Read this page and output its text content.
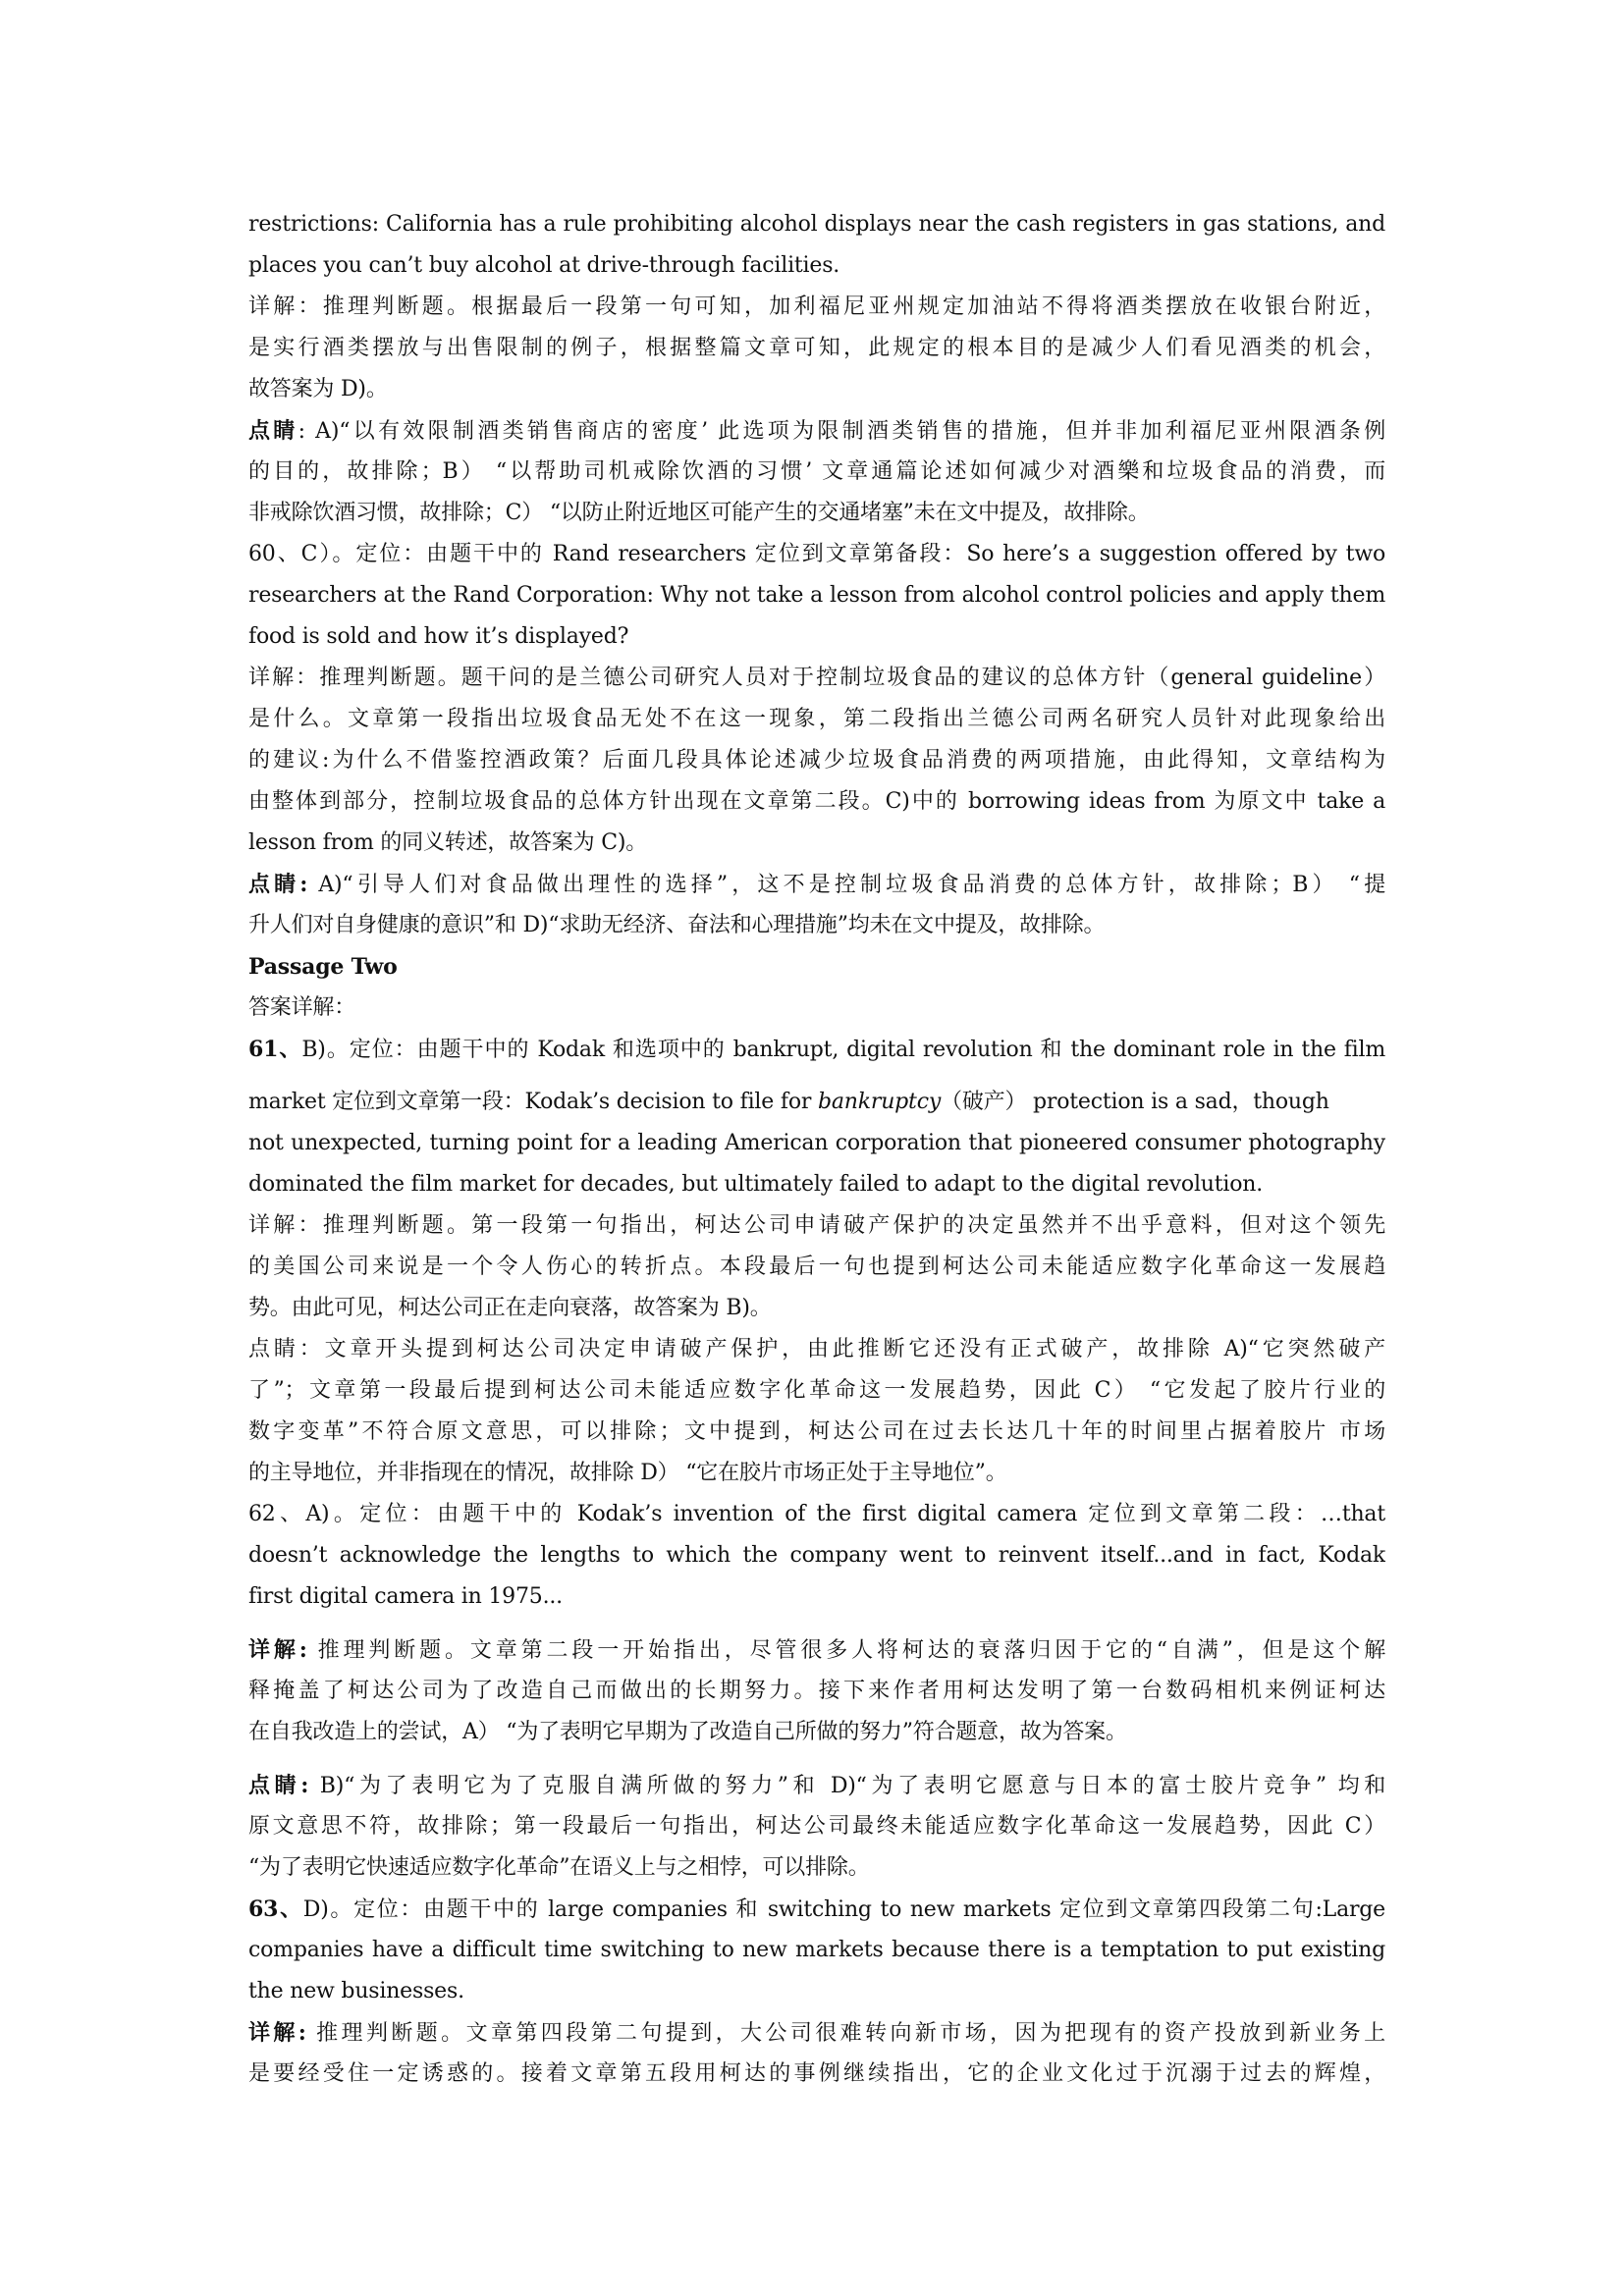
restrictions: California has a rule prohibiting alcohol displays near the cash registers in gas stations, and
places you can’t buy alcohol at drive-through facilities.
详解：推理判断题。根据最后一段第一句可知，加利福尼亚州规定加油站不得将酒类摆放在收银台附近，
是实行酒类摆放与出售限制的例子，根据整篇文章可知，此规定的根本目的是减少人们看见酒类的机会，
故答案为 D)。
点睛: A)“以有效限制酒类销售商店的密度’ 此选项为限制酒类销售的措施，但并非加利福尼亚州限酒条例
的目的，故排除；B） “以帮助司机戒除饮酒的习惯’ 文章通篇论述如何减少对酒樂和垃圾食品的消费，而
非戒除饮酒习惯，故排除；C） “以防止附近地区可能产生的交通堵塞”未在文中提及，故排除。
60、C）。定位：由题干中的 Rand researchers 定位到文章第备段：So here’s a suggestion offered by two
researchers at the Rand Corporation: Why not take a lesson from alcohol control policies and apply them
food is sold and how it’s displayed?
详解：推理判断题。题干问的是兰德公司研究人员对于控制垃圾食品的建议的总体方针（general guideline）
是什么。文章第一段指出垃圾食品无处不在这一现象，第二段指出兰德公司两名研究人员针对此现象给出
的建议:为什么不借鉴控酒政策？后面几段具体论述减少垃圾食品消费的两项措施，由此得知，文章结构为
由整体到部分，控制垃圾食品的总体方针出现在文章第二段。C)中的 borrowing ideas from 为原文中 take a
lesson from 的同义转述，故答案为 C)。
点睛: A)“引导人们对食品做出理性的选择”，这不是控制垃圾食品消费的总体方针，故排除；B） “提
升人们对自身健康的意识”和 D)“求助无经济、奋法和心理措施”均未在文中提及，故排除。
Passage Two
答案详解：
61、B)。定位：由题干中的 Kodak 和选项中的 bankrupt, digital revolution 和 the dominant role in the film
market 定位到文章第一段：Kodak’s decision to file for bankruptcy（破产） protection is a sad，though
not unexpected, turning point for a leading American corporation that pioneered consumer photography
dominated the film market for decades, but ultimately failed to adapt to the digital revolution.
详解：推理判断题。第一段第一句指出，柯达公司申请破产保护的决定虽然并不出乎意料，但对这个领先
的美国公司来说是一个令人伤心的转折点。本段最后一句也提到柯达公司未能适应数字化革命这一发展趋
势。由此可见，柯达公司正在走向衰落，故答案为 B)。
点睛：文章开头提到柯达公司决定申请破产保护，由此推断它还没有正式破产，故排除 A)“它突然破产
了”；文章第一段最后提到柯达公司未能适应数字化革命这一发展趋势，因此 C） “它发起了胶片行业的
数字变革”不符合原文意思，可以排除；文中提到，柯达公司在过去长达几十年的时间里占据着胶片 市场
的主导地位，并非指现在的情况，故排除 D） “它在胶片市场正处于主导地位”。
62、A)。定位：由题干中的 Kodak’s invention of the first digital camera 定位到文章第二段：…that
doesn’t acknowledge the lengths to which the company went to reinvent itself...and in fact, Kodak
first digital camera in 1975...
详解: 推理判断题。文章第二段一开始指出，尽管很多人将柯达的衰落归因于它的“自满”，但是这个解
释掩盖了柯达公司为了改造自己而做出的长期努力。接下来作者用柯达发明了第一台数码相机来例证柯达
在自我改造上的尝试，A） “为了表明它早期为了改造自己所做的努力”符合题意，故为答案。
点睛: B)“为了表明它为了克服自满所做的努力”和 D)“为了表明它愿意与日本的富士胶片竞争” 均和
原文意思不符，故排除；第一段最后一句指出，柯达公司最终未能适应数字化革命这一发展趋势，因此 C）
“为了表明它快速适应数字化革命”在语义上与之相悖，可以排除。
63、D)。定位：由题干中的 large companies 和 switching to new markets 定位到文章第四段第二句:Large
companies have a difficult time switching to new markets because there is a temptation to put existing
the new businesses.
详解: 推理判断题。文章第四段第二句提到，大公司很难转向新市场，因为把现有的资产投放到新业务上
是要经受住一定诱惑的。接着文章第五段用柯达的事例继续指出，它的企业文化过于沉溺于过去的辉煌，
